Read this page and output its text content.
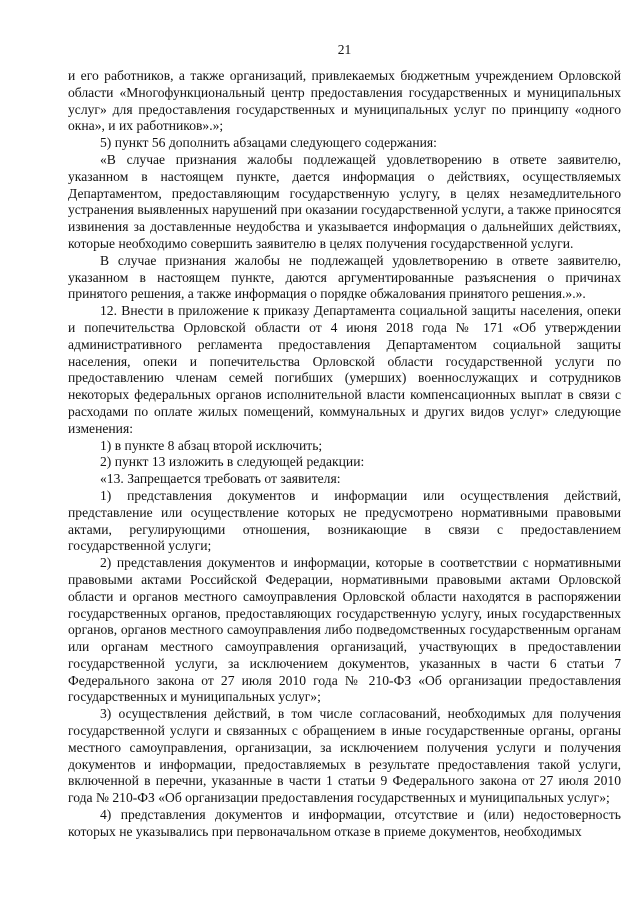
21

и его работников, а также организаций, привлекаемых бюджетным учреждением Орловской области «Многофункциональный центр предоставления государственных и муниципальных услуг» для предоставления государственных и муниципальных услуг по принципу «одного окна», и их работников».»;

5) пункт 56 дополнить абзацами следующего содержания:

«В случае признания жалобы подлежащей удовлетворению в ответе заявителю, указанном в настоящем пункте, дается информация о действиях, осуществляемых Департаментом, предоставляющим государственную услугу, в целях незамедлительного устранения выявленных нарушений при оказании государственной услуги, а также приносятся извинения за доставленные неудобства и указывается информация о дальнейших действиях, которые необходимо совершить заявителю в целях получения государственной услуги.

В случае признания жалобы не подлежащей удовлетворению в ответе заявителю, указанном в настоящем пункте, даются аргументированные разъяснения о причинах принятого решения, а также информация о порядке обжалования принятого решения.».».

12. Внести в приложение к приказу Департамента социальной защиты населения, опеки и попечительства Орловской области от 4 июня 2018 года № 171 «Об утверждении административного регламента предоставления Департаментом социальной защиты населения, опеки и попечительства Орловской области государственной услуги по предоставлению членам семей погибших (умерших) военнослужащих и сотрудников некоторых федеральных органов исполнительной власти компенсационных выплат в связи с расходами по оплате жилых помещений, коммунальных и других видов услуг» следующие изменения:

1) в пункте 8 абзац второй исключить;

2) пункт 13 изложить в следующей редакции:

«13. Запрещается требовать от заявителя:

1) представления документов и информации или осуществления действий, представление или осуществление которых не предусмотрено нормативными правовыми актами, регулирующими отношения, возникающие в связи с предоставлением государственной услуги;

2) представления документов и информации, которые в соответствии с нормативными правовыми актами Российской Федерации, нормативными правовыми актами Орловской области и органов местного самоуправления Орловской области находятся в распоряжении государственных органов, предоставляющих государственную услугу, иных государственных органов, органов местного самоуправления либо подведомственных государственным органам или органам местного самоуправления организаций, участвующих в предоставлении государственной услуги, за исключением документов, указанных в части 6 статьи 7 Федерального закона от 27 июля 2010 года № 210-ФЗ «Об организации предоставления государственных и муниципальных услуг»;

3) осуществления действий, в том числе согласований, необходимых для получения государственной услуги и связанных с обращением в иные государственные органы, органы местного самоуправления, организации, за исключением получения услуги и получения документов и информации, предоставляемых в результате предоставления такой услуги, включенной в перечни, указанные в части 1 статьи 9 Федерального закона от 27 июля 2010 года № 210-ФЗ «Об организации предоставления государственных и муниципальных услуг»;

4) представления документов и информации, отсутствие и (или) недостоверность которых не указывались при первоначальном отказе в приеме документов, необходимых
